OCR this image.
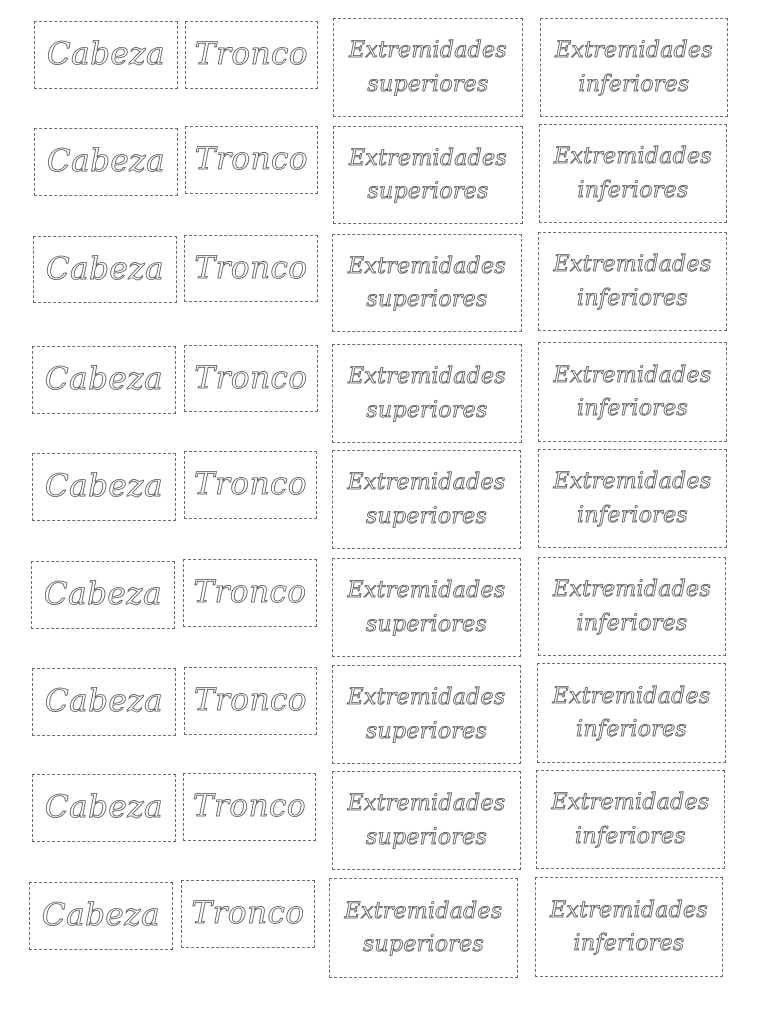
Cabeza Tronco Extremidades
superiores
Extremidades
inferiores
Cabeza Tronco Extremidades
superiores
Extremidades
inferiores
Cabeza Tronco Extremidades
superiores
Extremidades
inferiores
Cabeza Tronco Extremidades
superiores
Extremidades
inferiores
Cabeza Tronco Extremidades
superiores
Extremidades
inferiores
Cabeza Tronco Extremidades
superiores
Extremidades
inferiores
Cabeza Tronco Extremidades
superiores
Extremidades
inferiores
Cabeza Tronco Extremidades
superiores
Extremidades
inferiores
Cabeza Tronco Extremidades
superiores
Extremidades
inferiores
